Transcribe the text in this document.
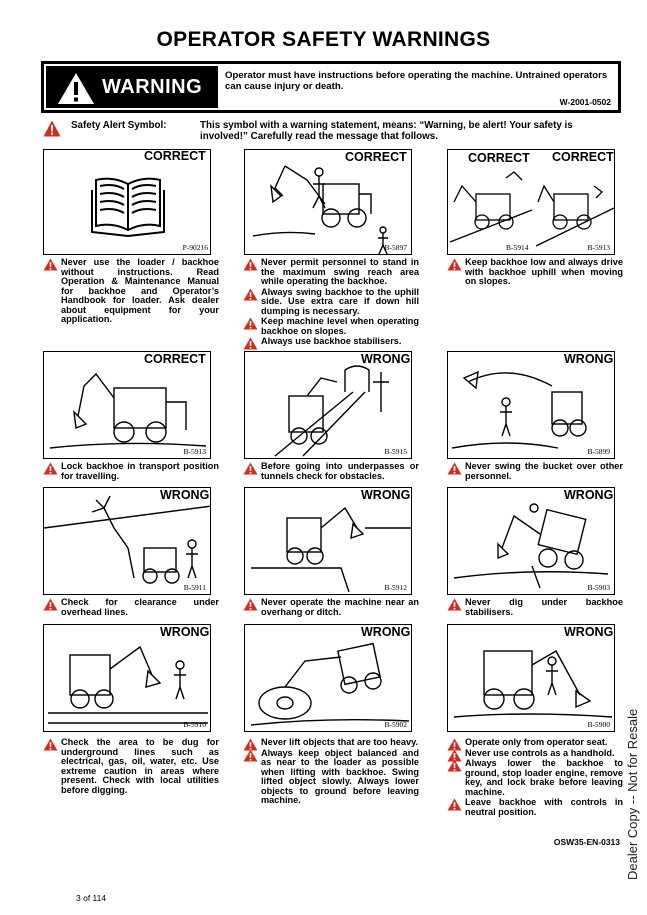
OPERATOR SAFETY WARNINGS
WARNING
Operator must have instructions before operating the machine. Untrained operators can cause injury or death.
W-2001-0502
Safety Alert Symbol:	This symbol with a warning statement, means: “Warning, be alert! Your safety is involved!” Carefully read the message that follows.
CORRECT
P-90216
CORRECT
B-5897
CORRECT CORRECT
B-5914	B-5913
CORRECT
B-5913
WRONG
B-5915
WRONG
B-5899
WRONG
B-5911
WRONG
B-5912
WRONG
B-5903
WRONG
B-5910
WRONG
B-5902
WRONG
B-5900
Never use the loader / backhoe without instructions. Read Operation & Maintenance Manual for backhoe and Operator’s Handbook for loader. Ask dealer about equipment for your application.
Never permit personnel to stand in the maximum swing reach area while operating the backhoe.
Always swing backhoe to the uphill side. Use extra care if down hill dumping is necessary.
Keep machine level when operating backhoe on slopes.
Always use backhoe stabilisers.
Keep backhoe low and always drive with backhoe uphill when moving on slopes.
Lock backhoe in transport position for travelling.
Before going into underpasses or tunnels check for obstacles.
Never swing the bucket over other personnel.
Check for clearance under overhead lines.
Never operate the machine near an overhang or ditch.
Never dig under backhoe stabilisers.
Check the area to be dug for underground lines such as electrical, gas, oil, water, etc. Use extreme caution in areas where present. Check with local utilities before digging.
Never lift objects that are too heavy.
Always keep object balanced and as near to the loader as possible when lifting with backhoe. Swing lifted object slowly. Always lower objects to ground before leaving machine.
Operate only from operator seat.
Never use controls as a handhold.
Always lower the backhoe to ground, stop loader engine, remove key, and lock brake before leaving machine.
Leave backhoe with controls in neutral position.
OSW35-EN-0313
3 of 114
Dealer Copy -- Not for Resale
